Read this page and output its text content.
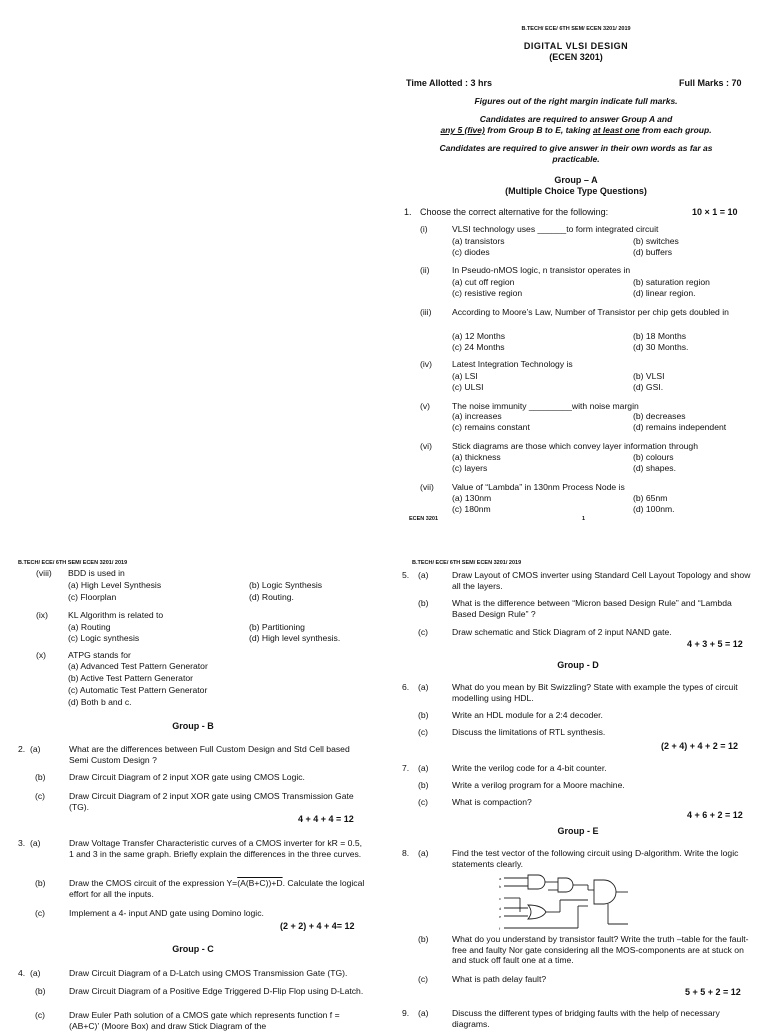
B.TECH/ ECE/ 6TH SEM/ ECEN 3201/ 2019
DIGITAL VLSI DESIGN
(ECEN 3201)
Time Allotted : 3 hrs	Full Marks : 70
Figures out of the right margin indicate full marks.
Candidates are required to answer Group A and
any 5 (five) from Group B to E, taking at least one from each group.
Candidates are required to give answer in their own words as far as
practicable.
Group – A
(Multiple Choice Type Questions)
1. Choose the correct alternative for the following:	10 × 1 = 10
(i)	VLSI technology uses ______to form integrated circuit
(a) transistors	(b) switches
(c) diodes	(d) buffers
(ii)	In Pseudo-nMOS logic, n transistor operates in
(a) cut off region	(b) saturation region
(c) resistive region	(d) linear region.
(iii) According to Moore’s Law, Number of Transistor per chip gets doubled in
(a) 12 Months	(b) 18 Months
(c) 24 Months	(d) 30 Months.
(iv) Latest Integration Technology is
(a) LSI	(b) VLSI
(c) ULSI	(d) GSI.
(v)	The noise immunity _________with noise margin
(a) increases	(b) decreases
(c) remains constant	(d) remains independent
(vi) Stick diagrams are those which convey layer information through
(a) thickness	(b) colours
(c) layers	(d) shapes.
(vii) Value of “Lambda” in 130nm Process Node is
(a) 130nm	(b) 65nm
(c) 180nm	(d) 100nm.
ECEN 3201	1
B.TECH/ ECE/ 6TH SEM/ ECEN 3201/ 2019
(viii) BDD is used in
(a) High Level Synthesis	(b) Logic Synthesis
(c) Floorplan	(d) Routing.
(ix) KL Algorithm is related to
(a) Routing	(b) Partitioning
(c) Logic synthesis	(d) High level synthesis.
(x)	ATPG stands for
(a) Advanced Test Pattern Generator
(b) Active Test Pattern Generator
(c) Automatic Test Pattern Generator
(d) Both b and c.
Group - B
2. (a)	What are the differences between Full Custom Design and Std Cell based Semi Custom Design ?
(b)	Draw Circuit Diagram of 2 input XOR gate using CMOS Logic.
(c)	Draw Circuit Diagram of 2 input XOR gate using CMOS Transmission Gate (TG).
4 + 4 + 4 = 12
3. (a)	Draw Voltage Transfer Characteristic curves of a CMOS inverter for kR = 0.5, 1 and 3 in the same graph. Briefly explain the differences in the three curves.
(b)	Draw the CMOS circuit of the expression Y=(A(B+C))+D. Calculate the logical effort for all the inputs.
(c)	Implement a 4- input AND gate using Domino logic.
(2 + 2) + 4 + 4= 12
Group - C
4. (a)	Draw Circuit Diagram of a D-Latch using CMOS Transmission Gate (TG).
(b)	Draw Circuit Diagram of a Positive Edge Triggered D-Flip Flop using D-Latch.
(c)	Draw Euler Path solution of a CMOS gate which represents function f = (AB+C)’ (Moore Box) and draw Stick Diagram of the
B.TECH/ ECE/ 6TH SEM/ ECEN 3201/ 2019
5. (a)	Draw Layout of CMOS inverter using Standard Cell Layout Topology and show all the layers.
(b)	What is the difference between “Micron based Design Rule” and “Lambda Based Design Rule” ?
(c)	Draw schematic and Stick Diagram of 2 input NAND gate.
4 + 3 + 5 = 12
Group - D
6. (a)	What do you mean by Bit Swizzling? State with example the types of circuit modelling using HDL.
(b)	Write an HDL module for a 2:4 decoder.
(c)	Discuss the limitations of RTL synthesis.
(2 + 4) + 4 + 2 = 12
7. (a)	Write the verilog code for a 4-bit counter.
(b)	Write a verilog program for a Moore machine.
(c)	What is compaction?
4 + 6 + 2 = 12
Group - E
8. (a)	Find the test vector of the following circuit using D-algorithm. Write the logic statements clearly.
a
b
c
d
e
f
(b)	What do you understand by transistor fault? Write the truth –table for the fault-free and faulty Nor gate considering all the MOS-components are at stuck on and stuck off fault one at a time.
(c)	What is path delay fault?
5 + 5 + 2 = 12
9. (a)	Discuss the different types of bridging faults with the help of necessary diagrams.
